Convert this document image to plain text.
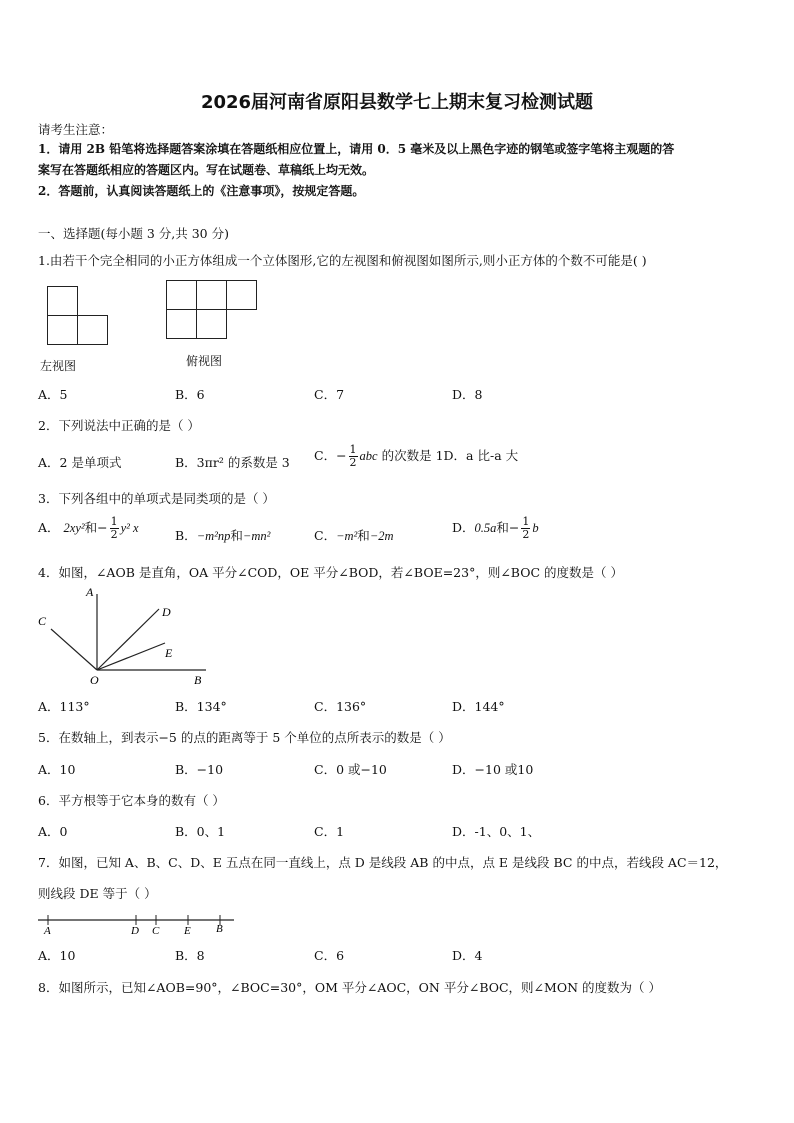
2026届河南省原阳县数学七上期末复习检测试题
请考生注意：
1．请用 2B 铅笔将选择题答案涂填在答题纸相应位置上，请用 0．5 毫米及以上黑色字迹的钢笔或签字笔将主观题的答
案写在答题纸相应的答题区内。写在试题卷、草稿纸上均无效。
2．答题前，认真阅读答题纸上的《注意事项》，按规定答题。
一、选择题(每小题 3 分,共 30 分)
1.由若干个完全相同的小正方体组成一个立体图形,它的左视图和俯视图如图所示,则小正方体的个数不可能是( )
左视图	俯视图
A．5	B．6	C．7	D．8
2．下列说法中正确的是（ ）
A．2 是单项式	B．3πr² 的系数是 3 C．− $\frac{1}{2}$ abc 的次数是 1D．a 比-a 大
3．下列各组中的单项式是同类项的是（ ）
A． 2xy²和− $\frac{1}{2} y^2$ x	B．−m²np和−mn²	C．−m²和−2m
D．0.5a和− $\frac{1}{2}$ b
4．如图，∠AOB 是直角，OA 平分∠COD，OE 平分∠BOD，若∠BOE=23°，则∠BOC 的度数是（ ）
A
C
D
E
O	B
A．113°	B．134°	C．136°	D．144°
5．在数轴上，到表示−5 的点的距离等于 5 个单位的点所表示的数是（ ）
A．10	B．−10	C．0 或−10	D．−10 或10
6．平方根等于它本身的数有（ ）
A．0	B．0、1	C．1	D．-1、0、1、
7．如图，已知 A、B、C、D、E 五点在同一直线上，点 D 是线段 AB 的中点，点 E 是线段 BC 的中点，若线段 AC＝12，
则线段 DE 等于（ ）
A	D C E B
A．10	B．8	C．6	D．4
8．如图所示，已知∠AOB=90°，∠BOC=30°，OM 平分∠AOC，ON 平分∠BOC，则∠MON 的度数为（ ）
